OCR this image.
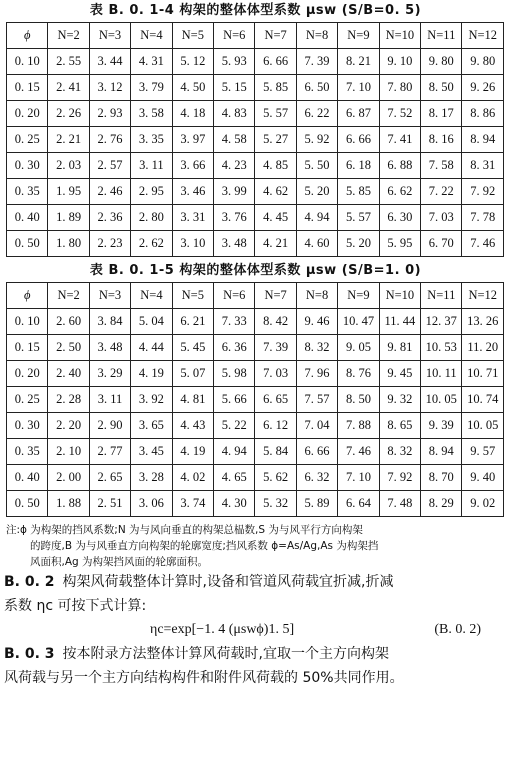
表 B. 0. 1-4 构架的整体体型系数 μsw (S/B=0. 5)
ϕ	N=2	N=3	N=4	N=5	N=6	N=7	N=8	N=9	N=10	N=11	N=12
0. 10	2. 55	3. 44	4. 31	5. 12	5. 93	6. 66	7. 39	8. 21	9. 10	9. 80	9. 80
0. 15	2. 41	3. 12	3. 79	4. 50	5. 15	5. 85	6. 50	7. 10	7. 80	8. 50	9. 26
0. 20	2. 26	2. 93	3. 58	4. 18	4. 83	5. 57	6. 22	6. 87	7. 52	8. 17	8. 86
0. 25	2. 21	2. 76	3. 35	3. 97	4. 58	5. 27	5. 92	6. 66	7. 41	8. 16	8. 94
0. 30	2. 03	2. 57	3. 11	3. 66	4. 23	4. 85	5. 50	6. 18	6. 88	7. 58	8. 31
0. 35	1. 95	2. 46	2. 95	3. 46	3. 99	4. 62	5. 20	5. 85	6. 62	7. 22	7. 92
0. 40	1. 89	2. 36	2. 80	3. 31	3. 76	4. 45	4. 94	5. 57	6. 30	7. 03	7. 78
0. 50	1. 80	2. 23	2. 62	3. 10	3. 48	4. 21	4. 60	5. 20	5. 95	6. 70	7. 46
表 B. 0. 1-5 构架的整体体型系数 μsw (S/B=1. 0)
ϕ	N=2	N=3	N=4	N=5	N=6	N=7	N=8	N=9	N=10	N=11	N=12
0. 10	2. 60	3. 84	5. 04	6. 21	7. 33	8. 42	9. 46	10. 47	11. 44	12. 37	13. 26
0. 15	2. 50	3. 48	4. 44	5. 45	6. 36	7. 39	8. 32	9. 05	9. 81	10. 53	11. 20
0. 20	2. 40	3. 29	4. 19	5. 07	5. 98	7. 03	7. 96	8. 76	9. 45	10. 11	10. 71
0. 25	2. 28	3. 11	3. 92	4. 81	5. 66	6. 65	7. 57	8. 50	9. 32	10. 05	10. 74
0. 30	2. 20	2. 90	3. 65	4. 43	5. 22	6. 12	7. 04	7. 88	8. 65	9. 39	10. 05
0. 35	2. 10	2. 77	3. 45	4. 19	4. 94	5. 84	6. 66	7. 46	8. 32	8. 94	9. 57
0. 40	2. 00	2. 65	3. 28	4. 02	4. 65	5. 62	6. 32	7. 10	7. 92	8. 70	9. 40
0. 50	1. 88	2. 51	3. 06	3. 74	4. 30	5. 32	5. 89	6. 64	7. 48	8. 29	9. 02

注:ϕ 为构架的挡风系数;N 为与风向垂直的构架总榀数,S 为与风平行方向构架

的跨度,B 为与风垂直方向构架的轮廓宽度;挡风系数 ϕ=As/Ag,As 为构架挡

风面积,Ag 为构架挡风面的轮廓面积。

B. 0. 2 构架风荷载整体计算时,设备和管道风荷载宜折减,折减
系数 ηc 可按下式计算:
ηc=exp[−1. 4 (μswϕ)1. 5]	(B. 0. 2)
B. 0. 3 按本附录方法整体计算风荷载时,宜取一个主方向构架
风荷载与另一个主方向结构构件和附件风荷载的 50%共同作用。
